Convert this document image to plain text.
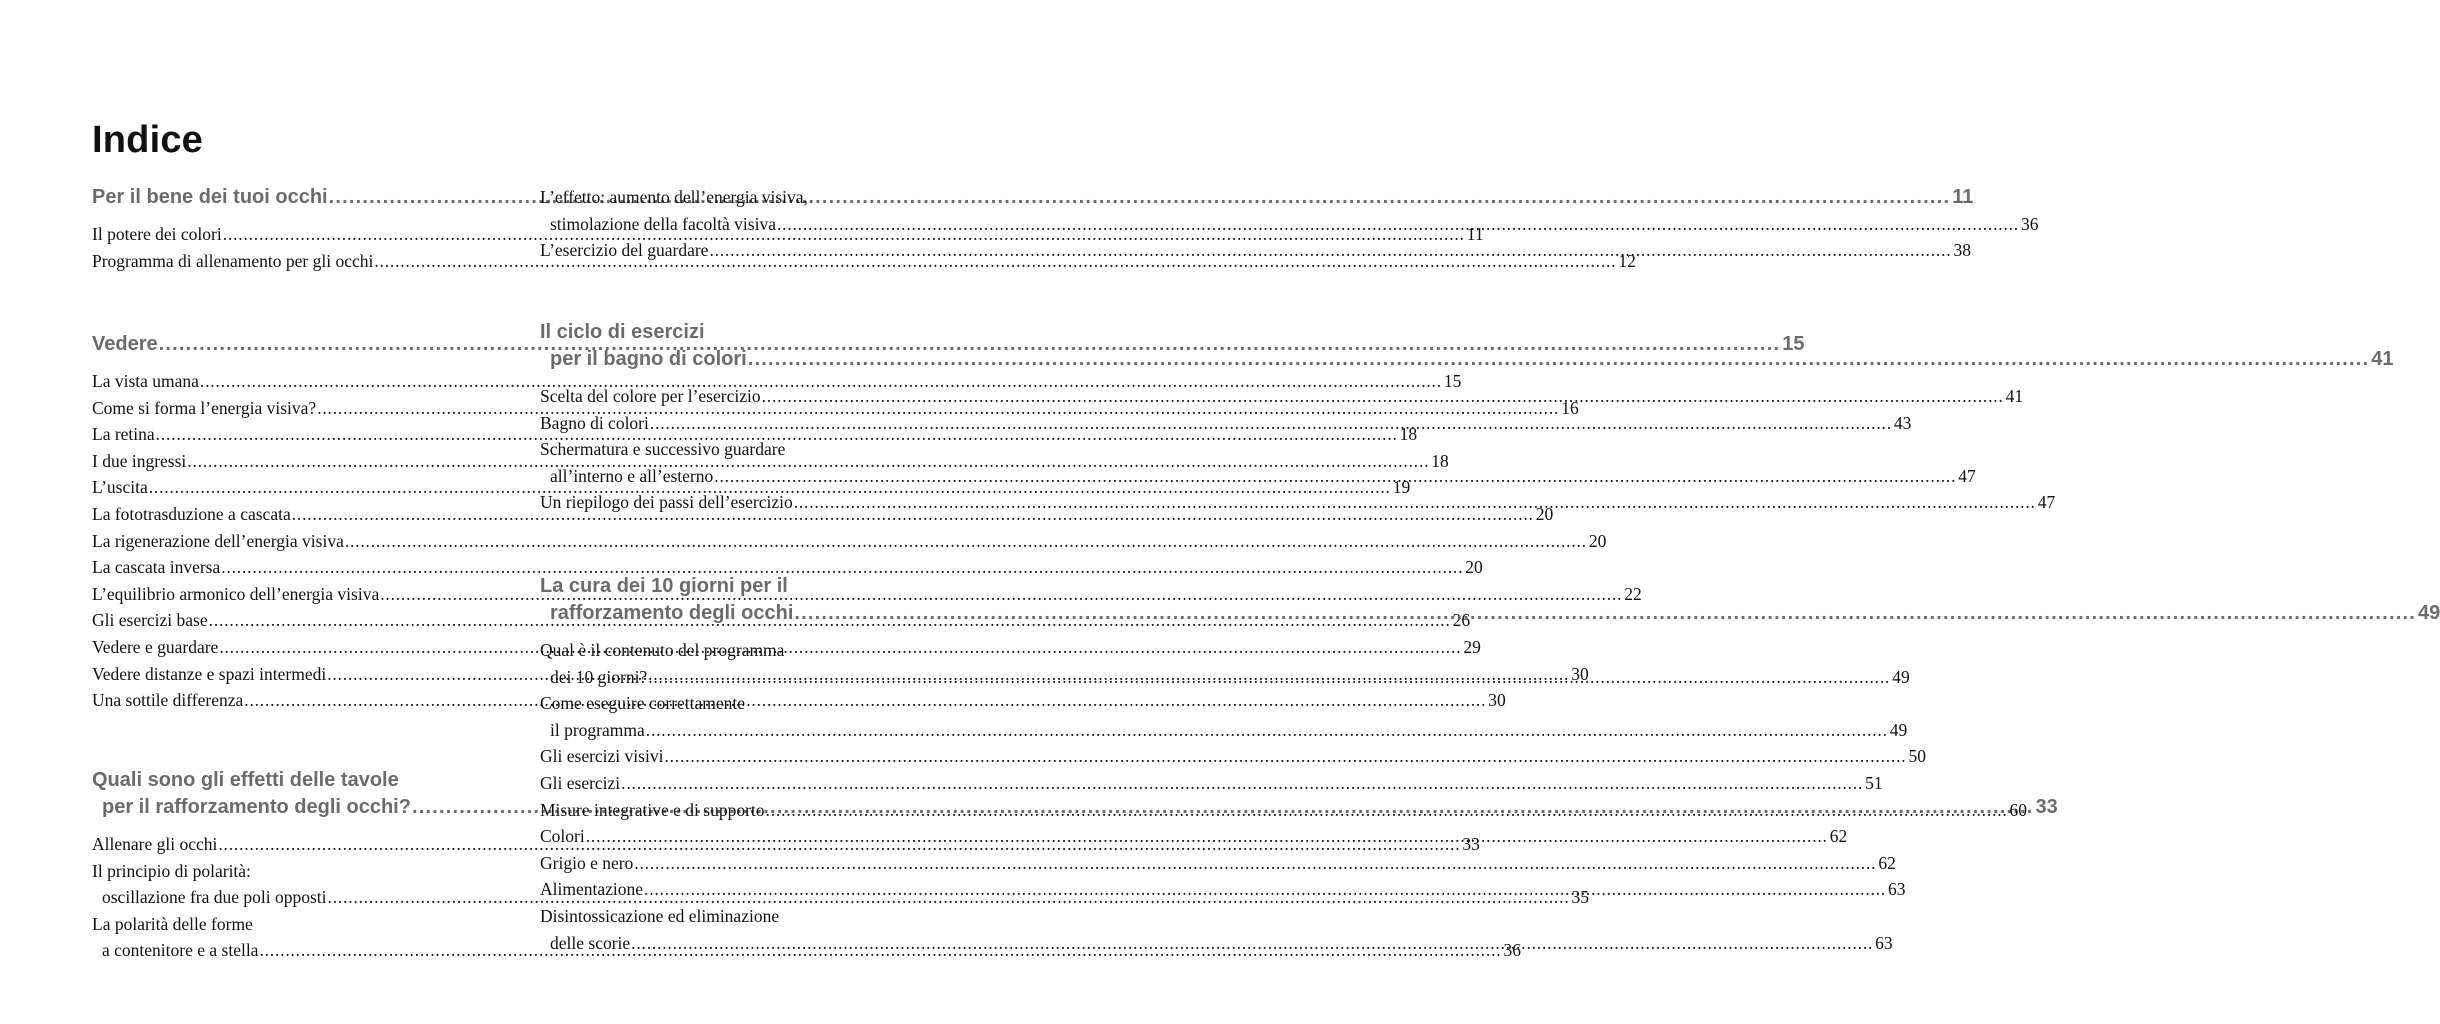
Indice
Per il bene dei tuoi occhi .....	11
Il potere dei colori .....	11
Programma di allenamento per gli occhi .....	12
Vedere .....	15
La vista umana .....	15
Come si forma l’energia visiva? .....	16
La retina .....	18
I due ingressi .....	18
L’uscita .....	19
La fototrasduzione a cascata .....	20
La rigenerazione dell’energia visiva .....	20
La cascata inversa .....	20
L’equilibrio armonico dell’energia visiva .....	22
Gli esercizi base .....	26
Vedere e guardare .....	29
Vedere distanze e spazi intermedi .....	30
Una sottile differenza .....	30
Quali sono gli effetti delle tavole
per il rafforzamento degli occhi? .....	33
Allenare gli occhi .....	33
Il principio di polarità:
oscillazione fra due poli opposti .....	35
La polarità delle forme
a contenitore e a stella .....	36
L’effetto: aumento dell’energia visiva,
stimolazione della facoltà visiva .....	36
L’esercizio del guardare .....	38
Il ciclo di esercizi
per il bagno di colori .....	41
Scelta del colore per l’esercizio .....	41
Bagno di colori .....	43
Schermatura e successivo guardare
all’interno e all’esterno .....	47
Un riepilogo dei passi dell’esercizio .....	47
La cura dei 10 giorni per il
rafforzamento degli occhi .....	49
Qual è il contenuto del programma
dei 10 giorni? .....	49
Come eseguire correttamente
il programma .....	49
Gli esercizi visivi .....	50
Gli esercizi .....	51
Misure integrative e di supporto .....	60
Colori .....	62
Grigio e nero .....	62
Alimentazione .....	63
Disintossicazione ed eliminazione
delle scorie .....	63
